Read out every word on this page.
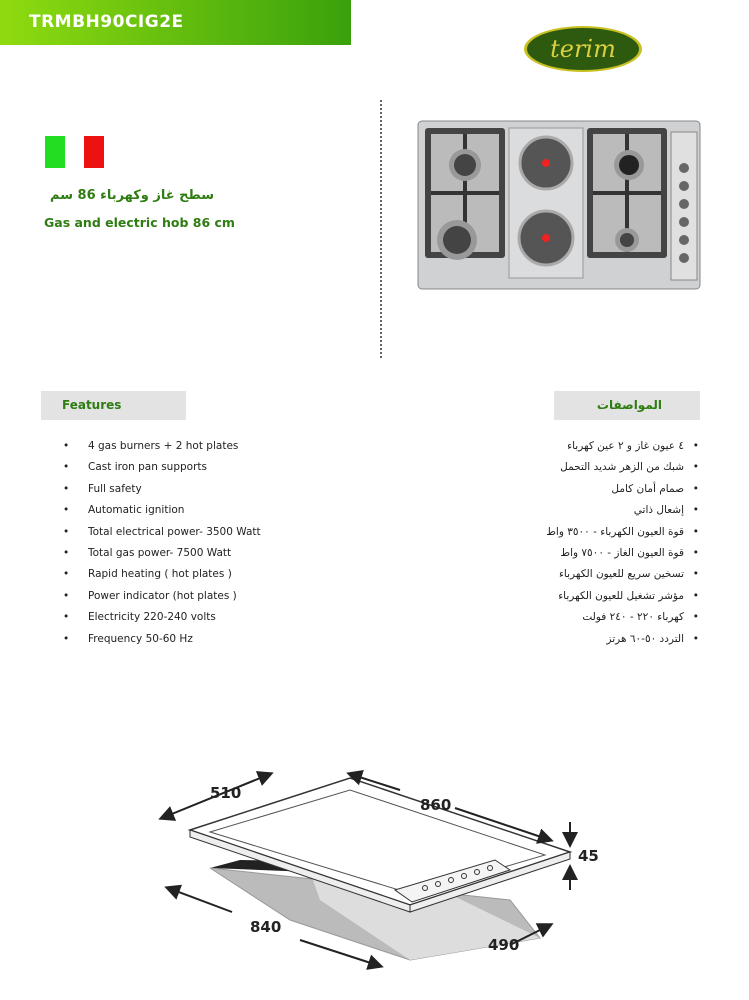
TRMBH90CIG2E
terim
سطح غاز وكهرباء 86 سم
Gas and electric hob 86 cm
Features	المواصفات
• 4 gas burners + 2 hot plates
• Cast iron pan supports
• Full safety
• Automatic ignition
• Total electrical power- 3500 Watt
• Total gas power- 7500 Watt
• Rapid heating ( hot plates )
• Power indicator (hot plates )
• Electricity 220-240 volts
• Frequency 50-60 Hz
٤ عيون غاز و ٢ عين كهرباء •
شبك من الزهر شديد التحمل •
صمام أمان كامل •
إشعال ذاتي •
قوة العيون الكهرباء - ٣٥٠٠ واط •
قوة العيون الغاز - ٧٥٠٠ واط •
تسخين سريع للعيون الكهرباء •
مؤشر تشغيل للعيون الكهرباء •
كهرباء ٢٢٠ - ٢٤٠ فولت •
التردد ٥٠-٦٠ هرتز •
510
860
45
840
490
